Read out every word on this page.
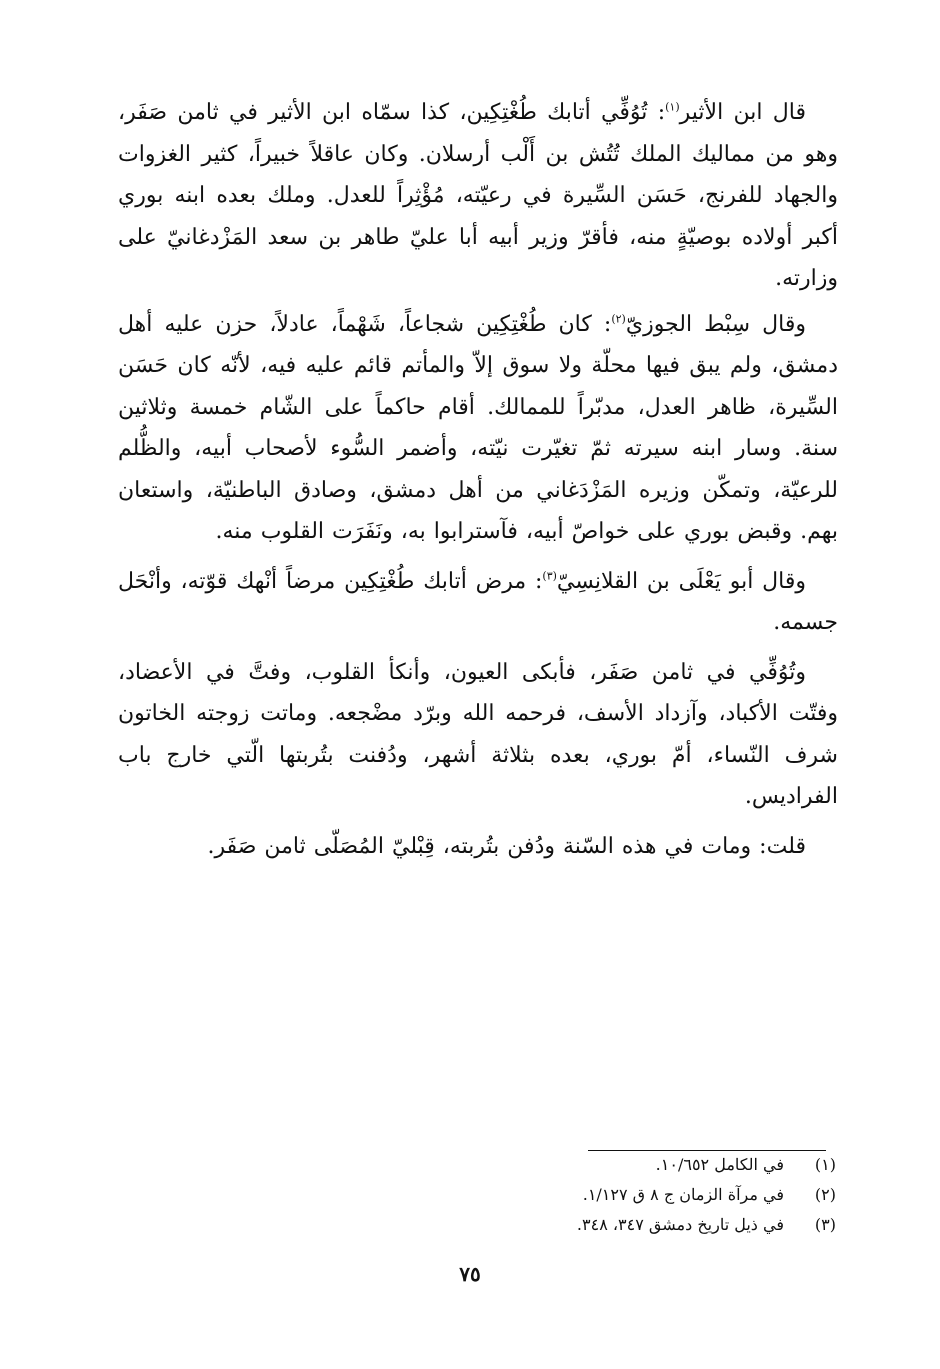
قال ابن الأثير$^{(١)}$: تُوُفِّي أتابك طُغْتِكِين، كذا سمّاه ابن الأثير في ثامن صَفَر، وهو من مماليك الملك تُتُش بن أَلْب أرسلان. وكان عاقلاً خبيراً، كثير الغزوات والجهاد للفرنج، حَسَن السِّيرة في رعيّته، مُؤْثِراً للعدل. وملك بعده ابنه بوري أكبر أولاده بوصيّةٍ منه، فأقرّ وزير أبيه أبا عليّ طاهر بن سعد المَزْدغانيّ على وزارته.

وقال سِبْط الجوزيّ$^{(٢)}$: كان طُغْتِكِين شجاعاً، شَهْماً، عادلاً، حزن عليه أهل دمشق، ولم يبق فيها محلّة ولا سوق إلاّ والمأتم قائم عليه فيه، لأنّه كان حَسَن السِّيرة، ظاهر العدل، مدبّراً للممالك. أقام حاكماً على الشّام خمسة وثلاثين سنة. وسار ابنه سيرته ثمّ تغيّرت نيّته، وأضمر السُّوء لأصحاب أبيه، والظُّلم للرعيّة، وتمكّن وزيره المَزْدَغاني من أهل دمشق، وصادق الباطنيّة، واستعان بهم. وقبض بوري على خواصّ أبيه، فآسترابوا به، ونَفَرَت القلوب منه.

وقال أبو يَعْلَى بن القلانِسِيّ$^{(٣)}$: مرض أتابك طُغْتِكِين مرضاً أنْهك قوّته، وأنْحَل جسمه.

وتُوُفِّي في ثامن صَفَر، فأبكى العيون، وأنكأ القلوب، وفتَّ في الأعضاد، وفتّت الأكباد، وآزداد الأسف، فرحمه الله وبرّد مضْجعه. وماتت زوجته الخاتون شرف النّساء، أمّ بوري، بعده بثلاثة أشهر، ودُفنت بتُربتها الّتي خارج باب الفراديس.

قلت: ومات في هذه السّنة ودُفن بتُربته، قِبْليّ المُصَلّى ثامن صَفَر.

(١)
في الكامل ١٠/٦٥٢.
(٢)
في مرآة الزمان ج ٨ ق ١/١٢٧.
(٣)
في ذيل تاريخ دمشق ٣٤٧، ٣٤٨.

٧٥
